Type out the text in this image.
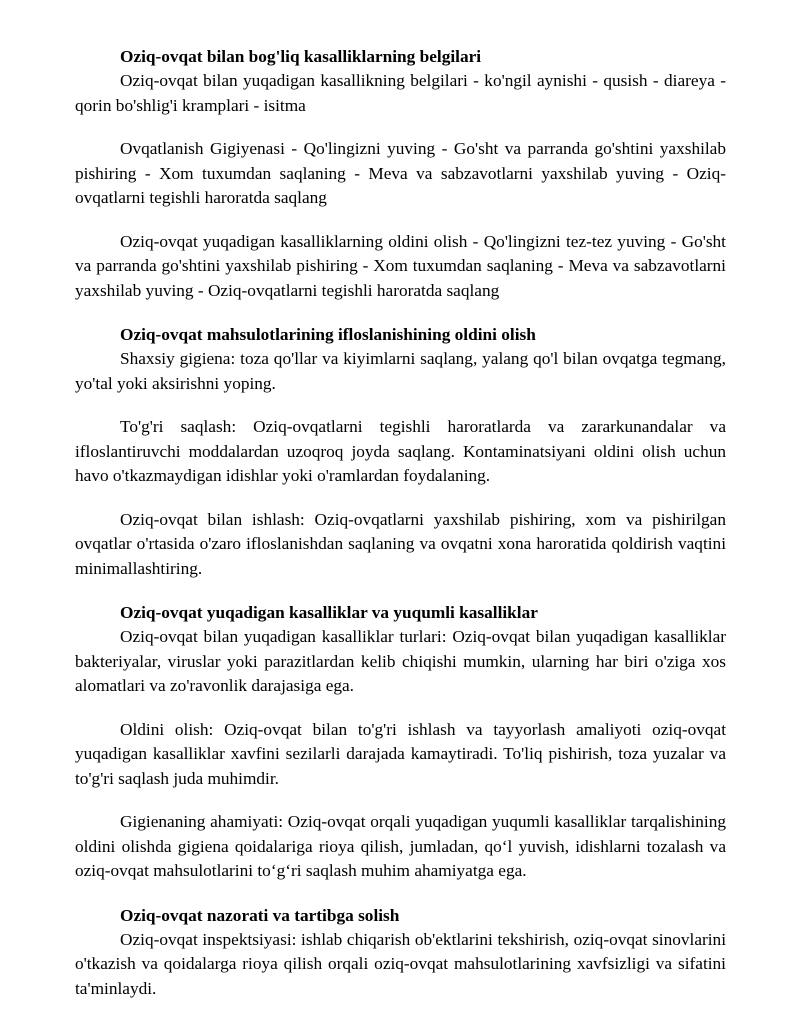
Oziq-ovqat bilan bog'liq kasalliklarning belgilari

Oziq-ovqat bilan yuqadigan kasallikning belgilari - ko'ngil aynishi - qusish - diareya - qorin bo'shlig'i kramplari - isitma

Ovqatlanish Gigiyenasi - Qo'lingizni yuving - Go'sht va parranda go'shtini yaxshilab pishiring - Xom tuxumdan saqlaning - Meva va sabzavotlarni yaxshilab yuving - Oziq-ovqatlarni tegishli haroratda saqlang

Oziq-ovqat yuqadigan kasalliklarning oldini olish - Qo'lingizni tez-tez yuving - Go'sht va parranda go'shtini yaxshilab pishiring - Xom tuxumdan saqlaning - Meva va sabzavotlarni yaxshilab yuving - Oziq-ovqatlarni tegishli haroratda saqlang

Oziq-ovqat mahsulotlarining ifloslanishining oldini olish

Shaxsiy gigiena: toza qo'llar va kiyimlarni saqlang, yalang qo'l bilan ovqatga tegmang, yo'tal yoki aksirishni yoping.

To'g'ri saqlash: Oziq-ovqatlarni tegishli haroratlarda va zararkunandalar va ifloslantiruvchi moddalardan uzoqroq joyda saqlang. Kontaminatsiyani oldini olish uchun havo o'tkazmaydigan idishlar yoki o'ramlardan foydalaning.

Oziq-ovqat bilan ishlash: Oziq-ovqatlarni yaxshilab pishiring, xom va pishirilgan ovqatlar o'rtasida o'zaro ifloslanishdan saqlaning va ovqatni xona haroratida qoldirish vaqtini minimallashtiring.

Oziq-ovqat yuqadigan kasalliklar va yuqumli kasalliklar

Oziq-ovqat bilan yuqadigan kasalliklar turlari: Oziq-ovqat bilan yuqadigan kasalliklar bakteriyalar, viruslar yoki parazitlardan kelib chiqishi mumkin, ularning har biri o'ziga xos alomatlari va zo'ravonlik darajasiga ega.

Oldini olish: Oziq-ovqat bilan to'g'ri ishlash va tayyorlash amaliyoti oziq-ovqat yuqadigan kasalliklar xavfini sezilarli darajada kamaytiradi. To'liq pishirish, toza yuzalar va to'g'ri saqlash juda muhimdir.

Gigienaning ahamiyati: Oziq-ovqat orqali yuqadigan yuqumli kasalliklar tarqalishining oldini olishda gigiena qoidalariga rioya qilish, jumladan, qo‘l yuvish, idishlarni tozalash va oziq-ovqat mahsulotlarini to‘g‘ri saqlash muhim ahamiyatga ega.

Oziq-ovqat nazorati va tartibga solish

Oziq-ovqat inspektsiyasi: ishlab chiqarish ob'ektlarini tekshirish, oziq-ovqat sinovlarini o'tkazish va qoidalarga rioya qilish orqali oziq-ovqat mahsulotlarining xavfsizligi va sifatini ta'minlaydi.
